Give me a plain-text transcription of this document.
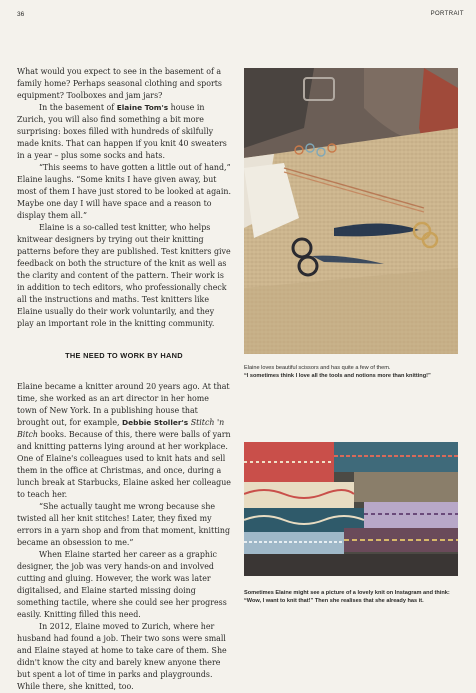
36	PORTRAIT

What would you expect to see in the basement of a family home? Perhaps seasonal clothing and sports equipment? Toolboxes and jam jars?

In the basement of Elaine Tom's house in Zurich, you will also find something a bit more surprising: boxes filled with hundreds of skilfully made knits. That can happen if you knit 40 sweaters in a year – plus some socks and hats.

“This seems to have gotten a little out of hand,” Elaine laughs. “Some knits I have given away, but most of them I have just stored to be looked at again. Maybe one day I will have space and a reason to display them all.”

Elaine is a so-called test knitter, who helps knitwear designers by trying out their knitting patterns before they are published. Test knitters give feedback on both the structure of the knit as well as the clarity and content of the pattern. Their work is in addition to tech editors, who professionally check all the instructions and maths. Test knitters like Elaine usually do their work voluntarily, and they play an important role in the knitting community.

THE NEED TO WORK BY HAND

Elaine became a knitter around 20 years ago. At that time, she worked as an art director in her home town of New York. In a publishing house that brought out, for example, Debbie Stoller's Stitch 'n Bitch books. Because of this, there were balls of yarn and knitting patterns lying around at her workplace. One of Elaine's colleagues used to knit hats and sell them in the office at Christmas, and once, during a lunch break at Starbucks, Elaine asked her colleague to teach her.

“She actually taught me wrong because she twisted all her knit stitches! Later, they fixed my errors in a yarn shop and from that moment, knitting became an obsession to me.”

When Elaine started her career as a graphic designer, the job was very hands-on and involved cutting and gluing. However, the work was later digitalised, and Elaine started missing doing something tactile, where she could see her progress easily. Knitting filled this need.

In 2012, Elaine moved to Zurich, where her husband had found a job. Their two sons were small and Elaine stayed at home to take care of them. She didn't know the city and barely knew anyone there but spent a lot of time in parks and playgrounds. While there, she knitted, too.

Elaine loves beautiful scissors and has quite a few of them.
“I sometimes think I love all the tools and notions more than knitting!”
Sometimes Elaine might see a picture of a lovely knit on Instagram and think: “Wow, I want to knit that!” Then she realises that she already has it.
